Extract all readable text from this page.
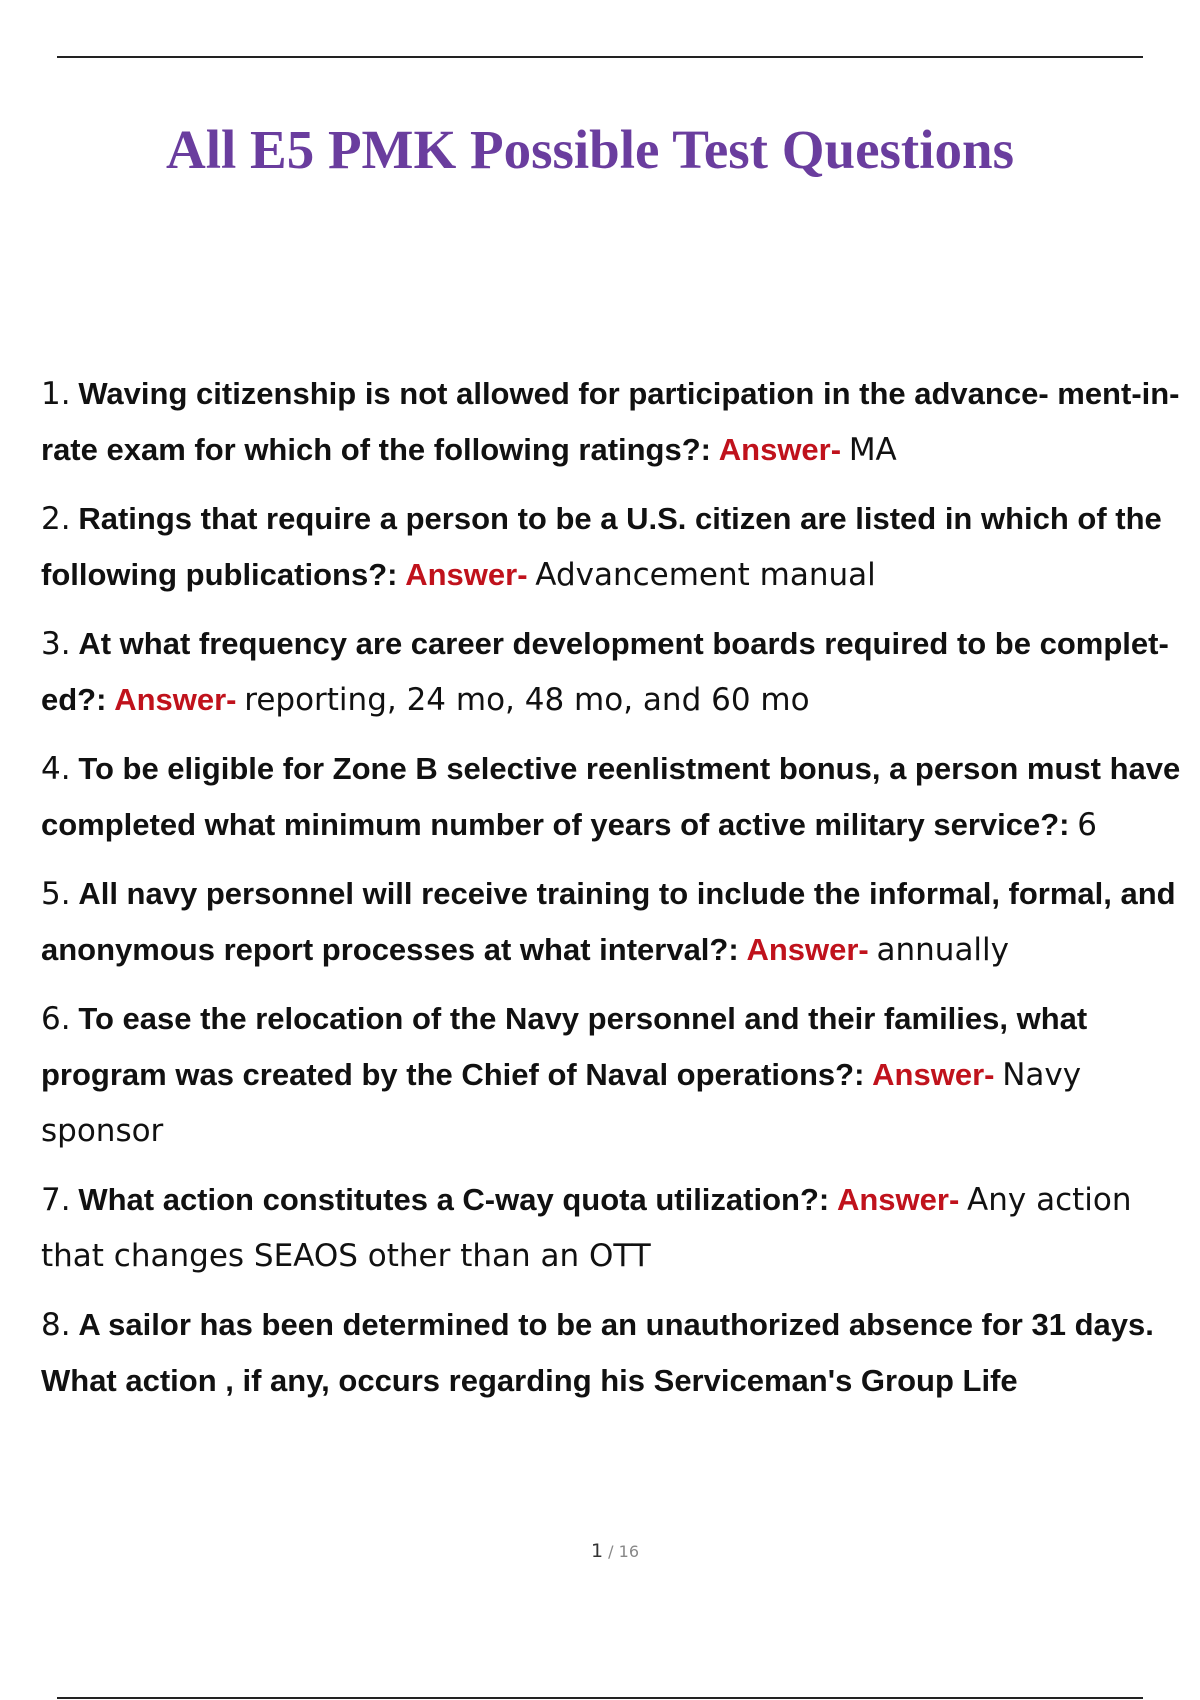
All E5 PMK Possible Test Questions
1. Waving citizenship is not allowed for participation in the advance- ment-in-rate exam for which of the following ratings?: Answer- MA
2. Ratings that require a person to be a U.S. citizen are listed in which of the following publications?: Answer- Advancement manual
3. At what frequency are career development boards required to be complet- ed?: Answer- reporting, 24 mo, 48 mo, and 60 mo
4. To be eligible for Zone B selective reenlistment bonus, a person must have completed what minimum number of years of active military service?: 6
5. All navy personnel will receive training to include the informal, formal, and anonymous report processes at what interval?: Answer- annually
6. To ease the relocation of the Navy personnel and their families, what program was created by the Chief of Naval operations?: Answer- Navy sponsor
7. What action constitutes a C-way quota utilization?: Answer- Any action that changes SEAOS other than an OTT
8. A sailor has been determined to be an unauthorized absence for 31 days. What action , if any, occurs regarding his Serviceman's Group Life
1 / 16
